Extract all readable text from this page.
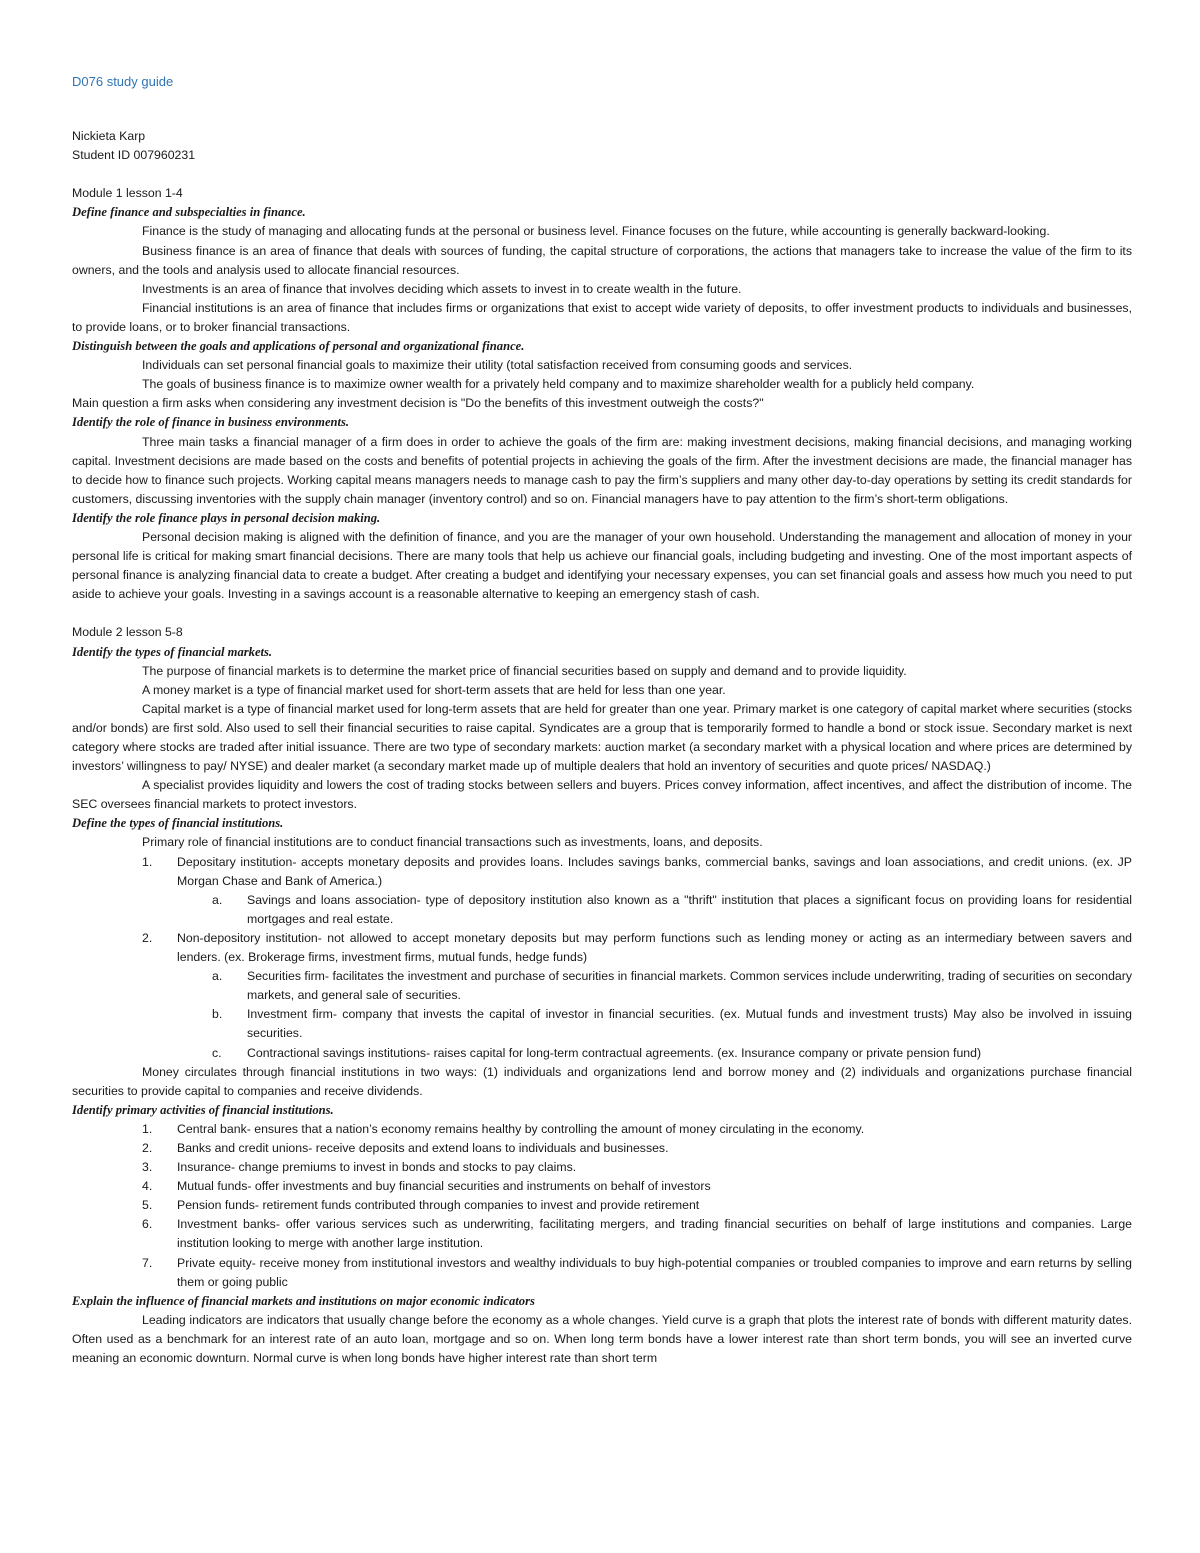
D076 study guide
Nickieta Karp
Student ID 007960231
Module 1 lesson 1-4
Define finance and subspecialties in finance.
Finance is the study of managing and allocating funds at the personal or business level. Finance focuses on the future, while accounting is generally backward-looking.
Business finance is an area of finance that deals with sources of funding, the capital structure of corporations, the actions that managers take to increase the value of the firm to its owners, and the tools and analysis used to allocate financial resources.
Investments is an area of finance that involves deciding which assets to invest in to create wealth in the future.
Financial institutions is an area of finance that includes firms or organizations that exist to accept wide variety of deposits, to offer investment products to individuals and businesses, to provide loans, or to broker financial transactions.
Distinguish between the goals and applications of personal and organizational finance.
Individuals can set personal financial goals to maximize their utility (total satisfaction received from consuming goods and services.
The goals of business finance is to maximize owner wealth for a privately held company and to maximize shareholder wealth for a publicly held company.
Main question a firm asks when considering any investment decision is "Do the benefits of this investment outweigh the costs?"
Identify the role of finance in business environments.
Three main tasks a financial manager of a firm does in order to achieve the goals of the firm are: making investment decisions, making financial decisions, and managing working capital. Investment decisions are made based on the costs and benefits of potential projects in achieving the goals of the firm. After the investment decisions are made, the financial manager has to decide how to finance such projects. Working capital means managers needs to manage cash to pay the firm’s suppliers and many other day-to-day operations by setting its credit standards for customers, discussing inventories with the supply chain manager (inventory control) and so on. Financial managers have to pay attention to the firm’s short-term obligations.
Identify the role finance plays in personal decision making.
Personal decision making is aligned with the definition of finance, and you are the manager of your own household. Understanding the management and allocation of money in your personal life is critical for making smart financial decisions. There are many tools that help us achieve our financial goals, including budgeting and investing. One of the most important aspects of personal finance is analyzing financial data to create a budget. After creating a budget and identifying your necessary expenses, you can set financial goals and assess how much you need to put aside to achieve your goals. Investing in a savings account is a reasonable alternative to keeping an emergency stash of cash.
Module 2 lesson 5-8
Identify the types of financial markets.
The purpose of financial markets is to determine the market price of financial securities based on supply and demand and to provide liquidity.
A money market is a type of financial market used for short-term assets that are held for less than one year.
Capital market is a type of financial market used for long-term assets that are held for greater than one year. Primary market is one category of capital market where securities (stocks and/or bonds) are first sold. Also used to sell their financial securities to raise capital. Syndicates are a group that is temporarily formed to handle a bond or stock issue. Secondary market is next category where stocks are traded after initial issuance. There are two type of secondary markets: auction market (a secondary market with a physical location and where prices are determined by investors’ willingness to pay/ NYSE) and dealer market (a secondary market made up of multiple dealers that hold an inventory of securities and quote prices/ NASDAQ.)
A specialist provides liquidity and lowers the cost of trading stocks between sellers and buyers. Prices convey information, affect incentives, and affect the distribution of income. The SEC oversees financial markets to protect investors.
Define the types of financial institutions.
Primary role of financial institutions are to conduct financial transactions such as investments, loans, and deposits.
1. Depositary institution- accepts monetary deposits and provides loans. Includes savings banks, commercial banks, savings and loan associations, and credit unions. (ex. JP Morgan Chase and Bank of America.)
a. Savings and loans association- type of depository institution also known as a "thrift" institution that places a significant focus on providing loans for residential mortgages and real estate.
2. Non-depository institution- not allowed to accept monetary deposits but may perform functions such as lending money or acting as an intermediary between savers and lenders. (ex. Brokerage firms, investment firms, mutual funds, hedge funds)
a. Securities firm- facilitates the investment and purchase of securities in financial markets. Common services include underwriting, trading of securities on secondary markets, and general sale of securities.
b. Investment firm- company that invests the capital of investor in financial securities. (ex. Mutual funds and investment trusts) May also be involved in issuing securities.
c. Contractional savings institutions- raises capital for long-term contractual agreements. (ex. Insurance company or private pension fund)
Money circulates through financial institutions in two ways: (1) individuals and organizations lend and borrow money and (2) individuals and organizations purchase financial securities to provide capital to companies and receive dividends.
Identify primary activities of financial institutions.
1. Central bank- ensures that a nation’s economy remains healthy by controlling the amount of money circulating in the economy.
2. Banks and credit unions- receive deposits and extend loans to individuals and businesses.
3. Insurance- change premiums to invest in bonds and stocks to pay claims.
4. Mutual funds- offer investments and buy financial securities and instruments on behalf of investors
5. Pension funds- retirement funds contributed through companies to invest and provide retirement
6. Investment banks- offer various services such as underwriting, facilitating mergers, and trading financial securities on behalf of large institutions and companies. Large institution looking to merge with another large institution.
7. Private equity- receive money from institutional investors and wealthy individuals to buy high-potential companies or troubled companies to improve and earn returns by selling them or going public
Explain the influence of financial markets and institutions on major economic indicators
Leading indicators are indicators that usually change before the economy as a whole changes. Yield curve is a graph that plots the interest rate of bonds with different maturity dates. Often used as a benchmark for an interest rate of an auto loan, mortgage and so on. When long term bonds have a lower interest rate than short term bonds, you will see an inverted curve meaning an economic downturn. Normal curve is when long bonds have higher interest rate than short term
